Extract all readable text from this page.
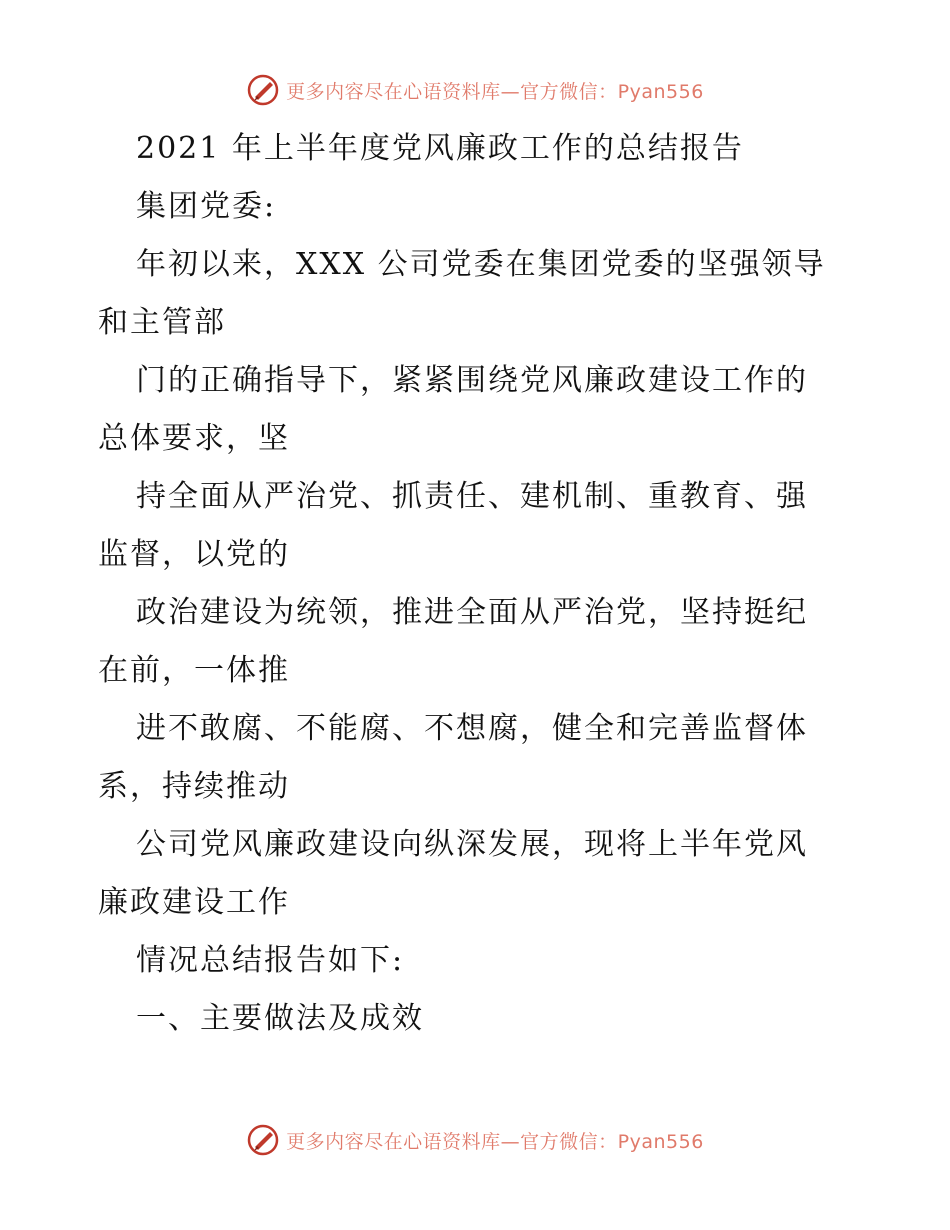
更多内容尽在心语资料库—官方微信：Pyan556

2021 年上半年度党风廉政工作的总结报告

集团党委:

年初以来，XXX 公司党委在集团党委的坚强领导

和主管部

门的正确指导下，紧紧围绕党风廉政建设工作的

总体要求，坚

持全面从严治党、抓责任、建机制、重教育、强

监督，以党的

政治建设为统领，推进全面从严治党，坚持挺纪

在前，一体推

进不敢腐、不能腐、不想腐，健全和完善监督体

系，持续推动

公司党风廉政建设向纵深发展，现将上半年党风

廉政建设工作

情况总结报告如下:

一、主要做法及成效

更多内容尽在心语资料库—官方微信：Pyan556
